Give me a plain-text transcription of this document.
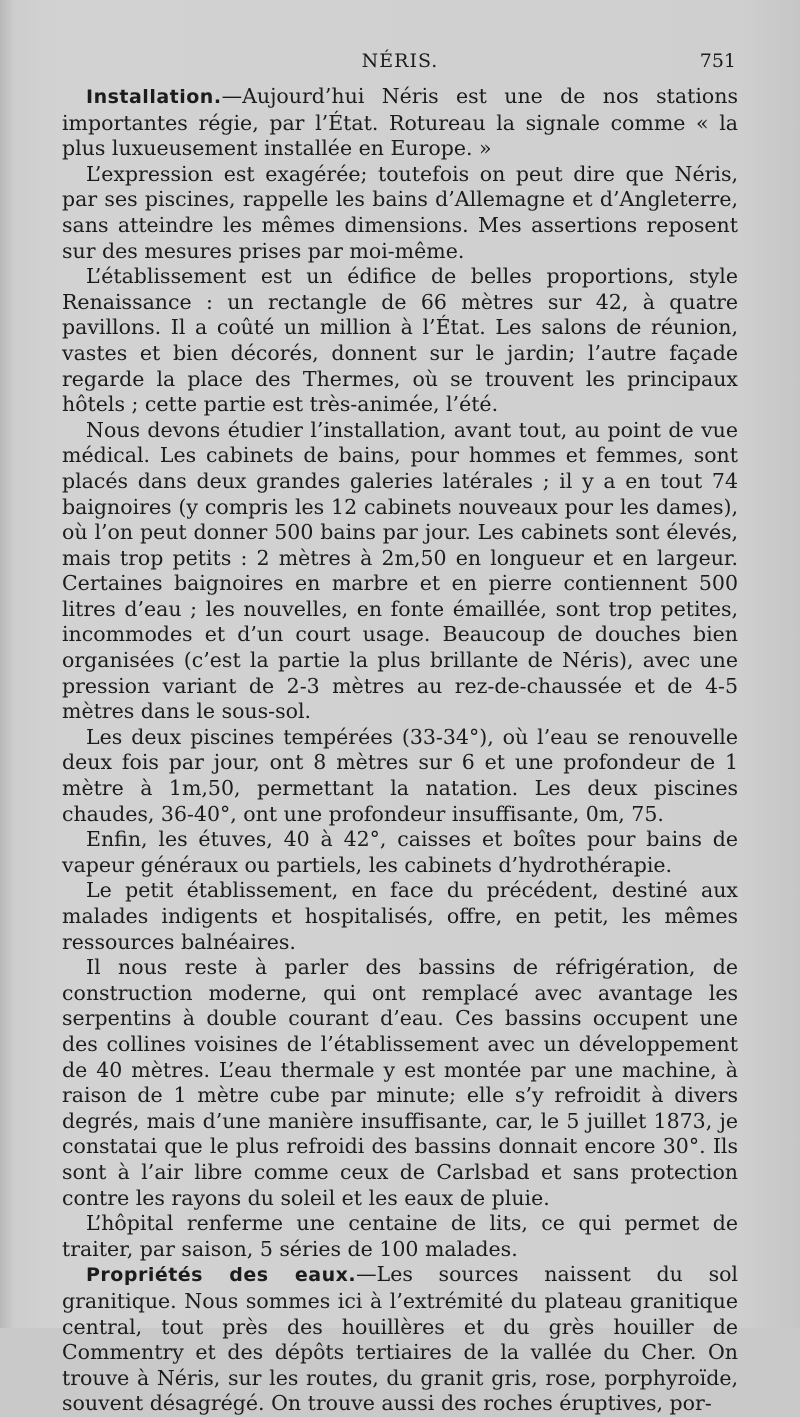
NÉRIS.	751

Installation.—Aujourd’hui Néris est une de nos stations importantes régie, par l’État. Rotureau la signale comme « la plus luxueusement installée en Europe. »

L’expression est exagérée; toutefois on peut dire que Néris, par ses piscines, rappelle les bains d’Allemagne et d’Angleterre, sans atteindre les mêmes dimensions. Mes assertions reposent sur des mesures prises par moi-même.

L’établissement est un édifice de belles proportions, style Renaissance : un rectangle de 66 mètres sur 42, à quatre pavillons. Il a coûté un million à l’État. Les salons de réunion, vastes et bien décorés, donnent sur le jardin; l’autre façade regarde la place des Thermes, où se trouvent les principaux hôtels ; cette partie est très-animée, l’été.

Nous devons étudier l’installation, avant tout, au point de vue médical. Les cabinets de bains, pour hommes et femmes, sont placés dans deux grandes galeries latérales ; il y a en tout 74 baignoires (y compris les 12 cabinets nouveaux pour les dames), où l’on peut donner 500 bains par jour. Les cabinets sont élevés, mais trop petits : 2 mètres à 2m,50 en longueur et en largeur. Certaines baignoires en marbre et en pierre contiennent 500 litres d’eau ; les nouvelles, en fonte émaillée, sont trop petites, incommodes et d’un court usage. Beaucoup de douches bien organisées (c’est la partie la plus brillante de Néris), avec une pression variant de 2-3 mètres au rez-de-chaussée et de 4-5 mètres dans le sous-sol.

Les deux piscines tempérées (33-34°), où l’eau se renouvelle deux fois par jour, ont 8 mètres sur 6 et une profondeur de 1 mètre à 1m,50, permettant la natation. Les deux piscines chaudes, 36-40°, ont une profondeur insuffisante, 0m, 75.

Enfin, les étuves, 40 à 42°, caisses et boîtes pour bains de vapeur généraux ou partiels, les cabinets d’hydrothérapie.

Le petit établissement, en face du précédent, destiné aux malades indigents et hospitalisés, offre, en petit, les mêmes ressources balnéaires.

Il nous reste à parler des bassins de réfrigération, de construction moderne, qui ont remplacé avec avantage les serpentins à double courant d’eau. Ces bassins occupent une des collines voisines de l’établissement avec un développement de 40 mètres. L’eau thermale y est montée par une machine, à raison de 1 mètre cube par minute; elle s’y refroidit à divers degrés, mais d’une manière insuffisante, car, le 5 juillet 1873, je constatai que le plus refroidi des bassins donnait encore 30°. Ils sont à l’air libre comme ceux de Carlsbad et sans protection contre les rayons du soleil et les eaux de pluie.

L’hôpital renferme une centaine de lits, ce qui permet de traiter, par saison, 5 séries de 100 malades.

Propriétés des eaux.—Les sources naissent du sol granitique. Nous sommes ici à l’extrémité du plateau granitique central, tout près des houillères et du grès houiller de Commentry et des dépôts tertiaires de la vallée du Cher. On trouve à Néris, sur les routes, du granit gris, rose, porphyroïde, souvent désagrégé. On trouve aussi des roches éruptives, por-
